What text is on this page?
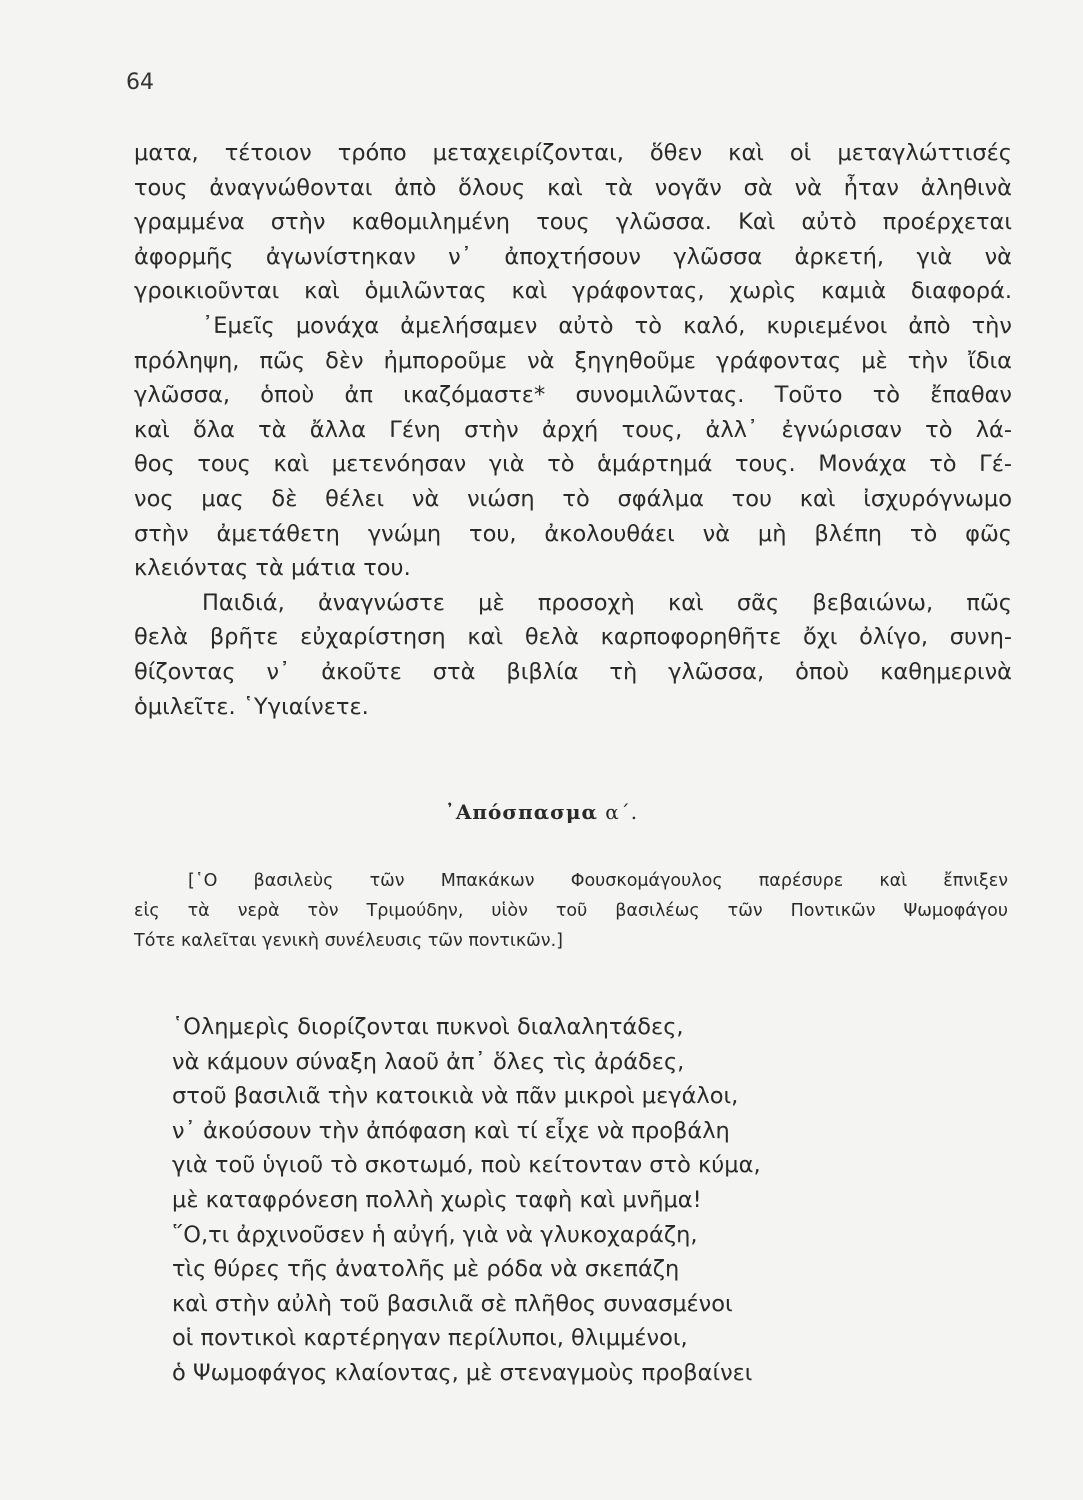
64
ματα, τέτοιον τρόπο μεταχειρίζονται, ὅθεν καὶ οἱ μεταγλώττισές
τους ἀναγνώθονται ἀπὸ ὅλους καὶ τὰ νογᾶν σὰ νὰ ἦταν ἀληθινὰ
γραμμένα στὴν καθομιλημένη τους γλῶσσα. Καὶ αὐτὸ προέρχεται
ἀφορμῆς ἀγωνίστηκαν ν᾽ ἀποχτήσουν γλῶσσα ἀρκετή, γιὰ νὰ
γροικιοῦνται καὶ ὁμιλῶντας καὶ γράφοντας, χωρὶς καμιὰ διαφορά.
᾽Εμεῖς μονάχα ἀμελήσαμεν αὐτὸ τὸ καλό, κυριεμένοι ἀπὸ τὴν
πρόληψη, πῶς δὲν ἠμποροῦμε νὰ ξηγηθοῦμε γράφοντας μὲ τὴν ἴδια
γλῶσσα, ὁποὺ ἀπ ικαζόμαστε* συνομιλῶντας. Τοῦτο τὸ ἔπαθαν
καὶ ὅλα τὰ ἄλλα Γένη στὴν ἀρχή τους, ἀλλ᾽ ἐγνώρισαν τὸ λά-
θος τους καὶ μετενόησαν γιὰ τὸ ἁμάρτημά τους. Μονάχα τὸ Γέ-
νος μας δὲ θέλει νὰ νιώση τὸ σφάλμα του καὶ ἰσχυρόγνωμο
στὴν ἀμετάθετη γνώμη του, ἀκολουθάει νὰ μὴ βλέπη τὸ φῶς
κλειόντας τὰ μάτια του.
Παιδιά, ἀναγνώστε μὲ προσοχὴ καὶ σᾶς βεβαιώνω, πῶς
θελὰ βρῆτε εὐχαρίστηση καὶ θελὰ καρποφορηθῆτε ὄχι ὀλίγο, συνη-
θίζοντας ν᾽ ἀκοῦτε στὰ βιβλία τὴ γλῶσσα, ὁποὺ καθημερινὰ
ὁμιλεῖτε. ῾Υγιαίνετε.
᾽Απόσπασμα α΄.
[῾Ο βασιλεὺς τῶν Μπακάκων Φουσκομάγουλος παρέσυρε καὶ ἔπνιξεν
εἰς τὰ νερὰ τὸν Τριμούδην, υἱὸν τοῦ βασιλέως τῶν Ποντικῶν Ψωμοφάγου
Τότε καλεῖται γενικὴ συνέλευσις τῶν ποντικῶν.]
῾Ολημερὶς διορίζονται πυκνοὶ διαλαλητάδες,
νὰ κάμουν σύναξη λαοῦ ἀπ᾽ ὅλες τὶς ἀράδες,
στοῦ βασιλιᾶ τὴν κατοικιὰ νὰ πᾶν μικροὶ μεγάλοι,
ν᾽ ἀκούσουν τὴν ἀπόφαση καὶ τί εἶχε νὰ προβάλη
γιὰ τοῦ ὑγιοῦ τὸ σκοτωμό, ποὺ κείτονταν στὸ κύμα,
μὲ καταφρόνεση πολλὴ χωρὶς ταφὴ καὶ μνῆμα!
῞Ο,τι ἀρχινοῦσεν ἡ αὐγή, γιὰ νὰ γλυκοχαράζη,
τὶς θύρες τῆς ἀνατολῆς μὲ ρόδα νὰ σκεπάζη
καὶ στὴν αὐλὴ τοῦ βασιλιᾶ σὲ πλῆθος συνασμένοι
οἱ ποντικοὶ καρτέρηγαν περίλυποι, θλιμμένοι,
ὁ Ψωμοφάγος κλαίοντας, μὲ στεναγμοὺς προβαίνει
